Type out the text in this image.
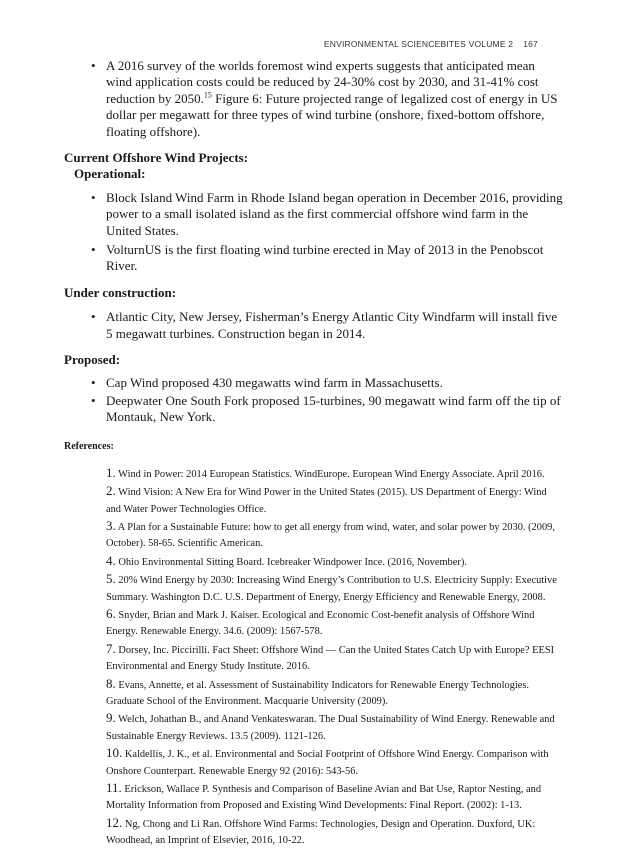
ENVIRONMENTAL SCIENCEBITES VOLUME 2 167
• A 2016 survey of the worlds foremost wind experts suggests that anticipated mean wind application costs could be reduced by 24-30% cost by 2030, and 31-41% cost reduction by 2050.15 Figure 6: Future projected range of legalized cost of energy in US dollar per megawatt for three types of wind turbine (onshore, fixed-bottom offshore, floating offshore).
Current Offshore Wind Projects:
Operational:
• Block Island Wind Farm in Rhode Island began operation in December 2016, providing power to a small isolated island as the first commercial offshore wind farm in the United States.
• VolturnUS is the first floating wind turbine erected in May of 2013 in the Penobscot River.
Under construction:
• Atlantic City, New Jersey, Fisherman’s Energy Atlantic City Windfarm will install five 5 megawatt turbines. Construction began in 2014.
Proposed:
• Cap Wind proposed 430 megawatts wind farm in Massachusetts.
• Deepwater One South Fork proposed 15-turbines, 90 megawatt wind farm off the tip of Montauk, New York.

References:

1. Wind in Power: 2014 European Statistics. WindEurope. European Wind Energy Associate. April 2016.
2. Wind Vision: A New Era for Wind Power in the United States (2015). US Department of Energy: Wind and Water Power Technologies Office.
3. A Plan for a Sustainable Future: how to get all energy from wind, water, and solar power by 2030. (2009, October). 58-65. Scientific American.
4. Ohio Environmental Sitting Board. Icebreaker Windpower Ince. (2016, November).
5. 20% Wind Energy by 2030: Increasing Wind Energy’s Contribution to U.S. Electricity Supply: Executive Summary. Washington D.C. U.S. Department of Energy, Energy Efficiency and Renewable Energy, 2008.
6. Snyder, Brian and Mark J. Kaiser. Ecological and Economic Cost-benefit analysis of Offshore Wind Energy. Renewable Energy. 34.6. (2009): 1567-578.
7. Dorsey, Inc. Piccirilli. Fact Sheet: Offshore Wind — Can the United States Catch Up with Europe? EESI Environmental and Energy Study Institute. 2016.
8. Evans, Annette, et al. Assessment of Sustainability Indicators for Renewable Energy Technologies. Graduate School of the Environment. Macquarie University (2009).
9. Welch, Johathan B., and Anand Venkateswaran. The Dual Sustainability of Wind Energy. Renewable and Sustainable Energy Reviews. 13.5 (2009). 1121-126.
10. Kaldellis, J. K., et al. Environmental and Social Footprint of Offshore Wind Energy. Comparison with Onshore Counterpart. Renewable Energy 92 (2016): 543-56.
11. Erickson, Wallace P. Synthesis and Comparison of Baseline Avian and Bat Use, Raptor Nesting, and Mortality Information from Proposed and Existing Wind Developments: Final Report. (2002): 1-13.
12. Ng, Chong and Li Ran. Offshore Wind Farms: Technologies, Design and Operation. Duxford, UK: Woodhead, an Imprint of Elsevier, 2016, 10-22.
